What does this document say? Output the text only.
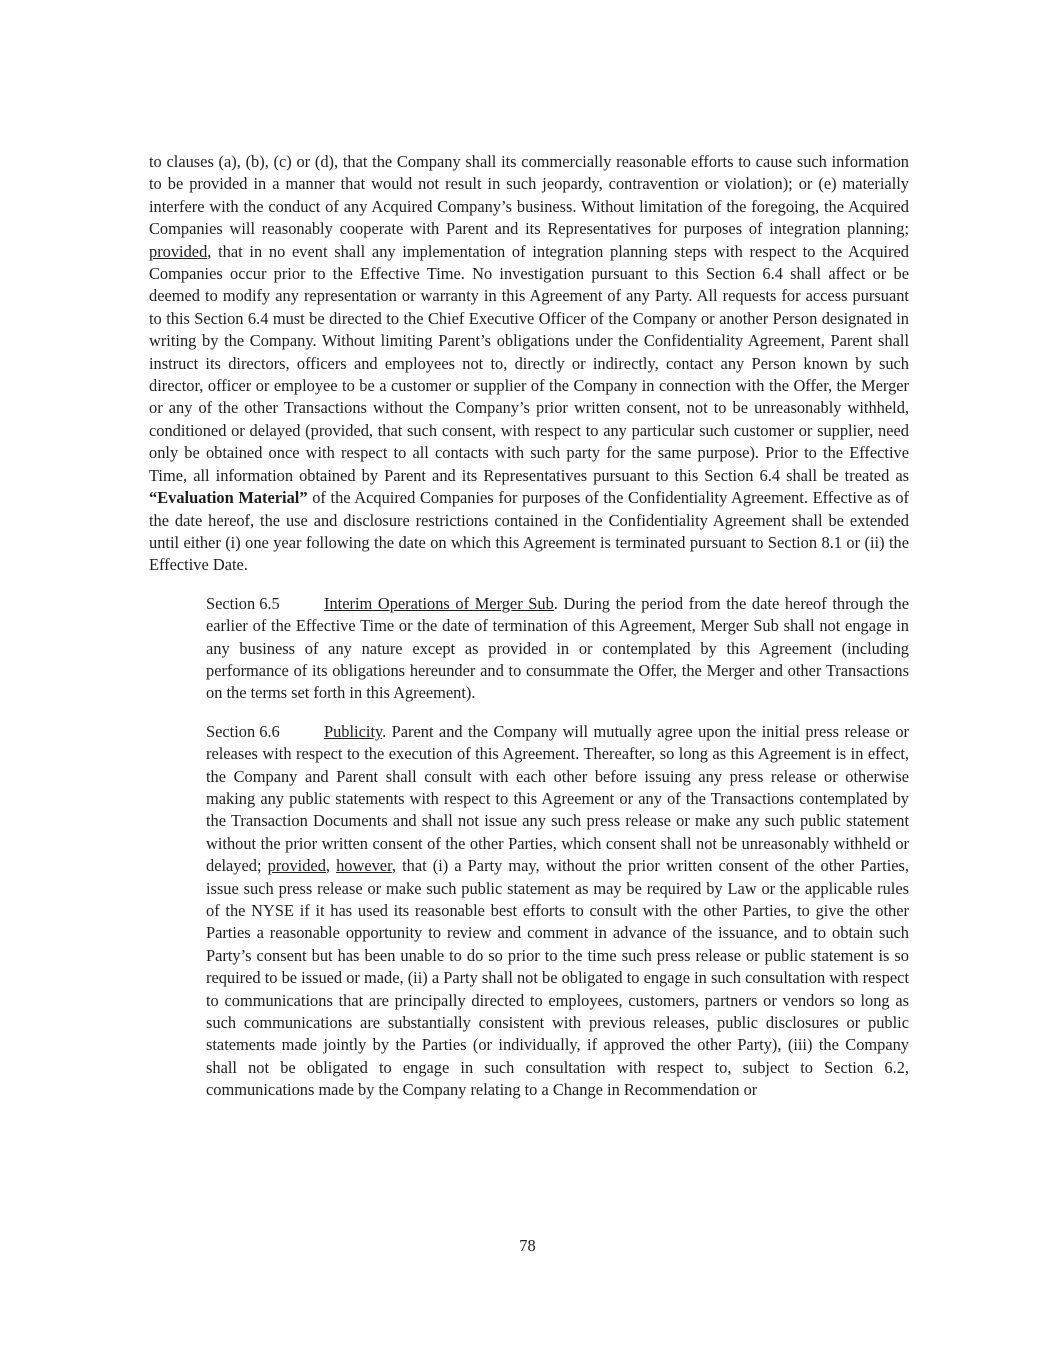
to clauses (a), (b), (c) or (d), that the Company shall its commercially reasonable efforts to cause such information to be provided in a manner that would not result in such jeopardy, contravention or violation); or (e) materially interfere with the conduct of any Acquired Company’s business. Without limitation of the foregoing, the Acquired Companies will reasonably cooperate with Parent and its Representatives for purposes of integration planning; provided, that in no event shall any implementation of integration planning steps with respect to the Acquired Companies occur prior to the Effective Time. No investigation pursuant to this Section 6.4 shall affect or be deemed to modify any representation or warranty in this Agreement of any Party. All requests for access pursuant to this Section 6.4 must be directed to the Chief Executive Officer of the Company or another Person designated in writing by the Company. Without limiting Parent’s obligations under the Confidentiality Agreement, Parent shall instruct its directors, officers and employees not to, directly or indirectly, contact any Person known by such director, officer or employee to be a customer or supplier of the Company in connection with the Offer, the Merger or any of the other Transactions without the Company’s prior written consent, not to be unreasonably withheld, conditioned or delayed (provided, that such consent, with respect to any particular such customer or supplier, need only be obtained once with respect to all contacts with such party for the same purpose). Prior to the Effective Time, all information obtained by Parent and its Representatives pursuant to this Section 6.4 shall be treated as “Evaluation Material” of the Acquired Companies for purposes of the Confidentiality Agreement. Effective as of the date hereof, the use and disclosure restrictions contained in the Confidentiality Agreement shall be extended until either (i) one year following the date on which this Agreement is terminated pursuant to Section 8.1 or (ii) the Effective Date.

Section 6.5	Interim Operations of Merger Sub. During the period from the date hereof through the earlier of the Effective Time or the date of termination of this Agreement, Merger Sub shall not engage in any business of any nature except as provided in or contemplated by this Agreement (including performance of its obligations hereunder and to consummate the Offer, the Merger and other Transactions on the terms set forth in this Agreement).

Section 6.6	Publicity. Parent and the Company will mutually agree upon the initial press release or releases with respect to the execution of this Agreement. Thereafter, so long as this Agreement is in effect, the Company and Parent shall consult with each other before issuing any press release or otherwise making any public statements with respect to this Agreement or any of the Transactions contemplated by the Transaction Documents and shall not issue any such press release or make any such public statement without the prior written consent of the other Parties, which consent shall not be unreasonably withheld or delayed; provided, however, that (i) a Party may, without the prior written consent of the other Parties, issue such press release or make such public statement as may be required by Law or the applicable rules of the NYSE if it has used its reasonable best efforts to consult with the other Parties, to give the other Parties a reasonable opportunity to review and comment in advance of the issuance, and to obtain such Party’s consent but has been unable to do so prior to the time such press release or public statement is so required to be issued or made, (ii) a Party shall not be obligated to engage in such consultation with respect to communications that are principally directed to employees, customers, partners or vendors so long as such communications are substantially consistent with previous releases, public disclosures or public statements made jointly by the Parties (or individually, if approved the other Party), (iii) the Company shall not be obligated to engage in such consultation with respect to, subject to Section 6.2, communications made by the Company relating to a Change in Recommendation or

78
